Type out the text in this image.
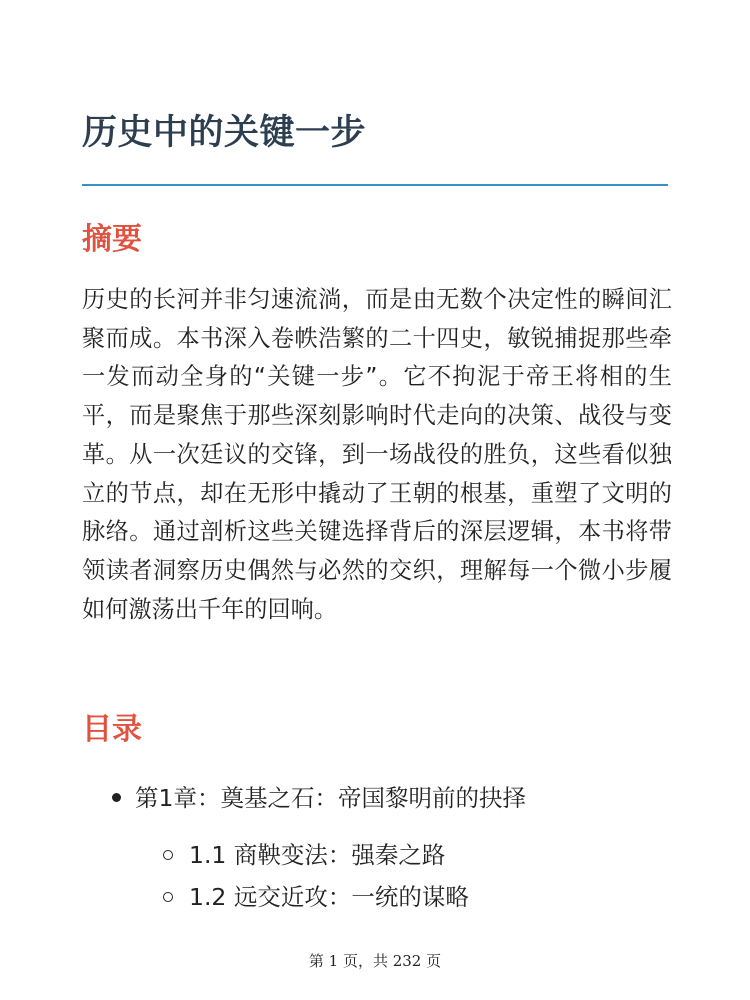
历史中的关键一步
摘要

历史的长河并非匀速流淌，而是由无数个决定性的瞬间汇聚而成。本书深入卷帙浩繁的二十四史，敏锐捕捉那些牵一发而动全身的“关键一步”。它不拘泥于帝王将相的生平，而是聚焦于那些深刻影响时代走向的决策、战役与变革。从一次廷议的交锋，到一场战役的胜负，这些看似独立的节点，却在无形中撬动了王朝的根基，重塑了文明的脉络。通过剖析这些关键选择背后的深层逻辑，本书将带领读者洞察历史偶然与必然的交织，理解每一个微小步履如何激荡出千年的回响。

目录
第1章：奠基之石：帝国黎明前的抉择
1.1 商鞅变法：强秦之路
1.2 远交近攻：一统的谋略
第 1 页，共 232 页
